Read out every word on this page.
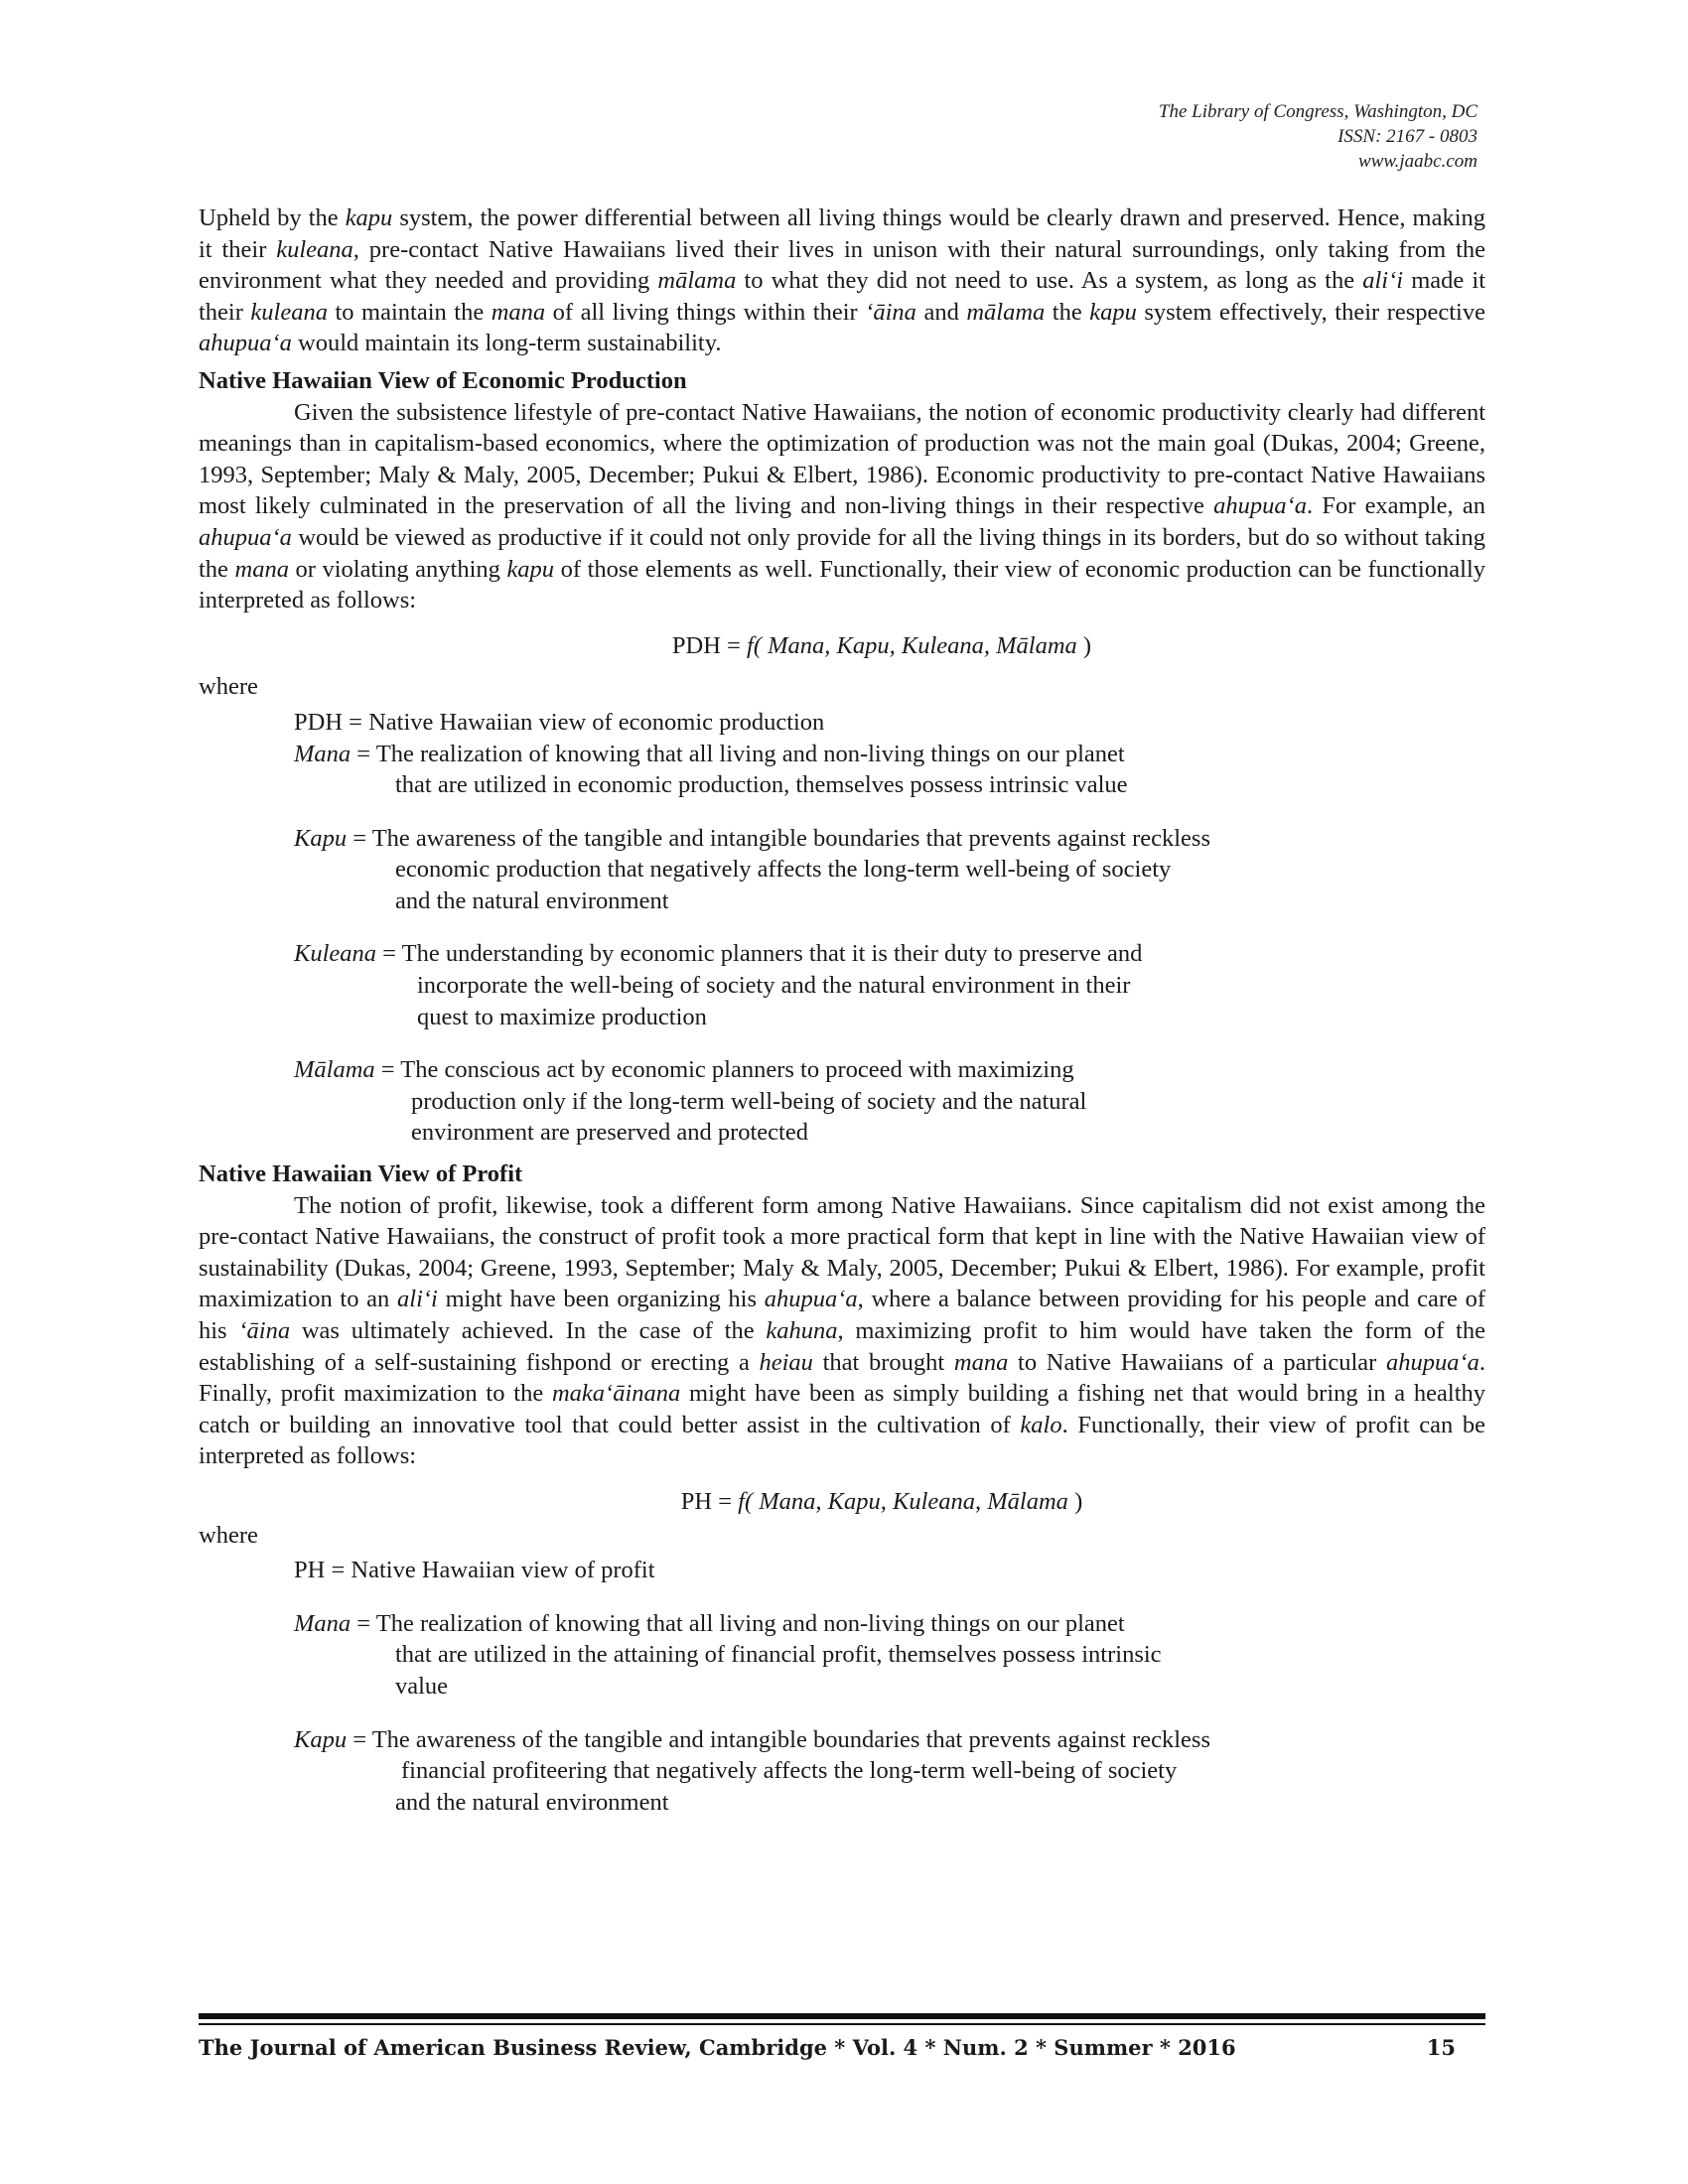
The Library of Congress, Washington, DC
ISSN: 2167 - 0803
www.jaabc.com

Upheld by the kapu system, the power differential between all living things would be clearly drawn and preserved. Hence, making it their kuleana, pre-contact Native Hawaiians lived their lives in unison with their natural surroundings, only taking from the environment what they needed and providing mālama to what they did not need to use. As a system, as long as the aliʻi made it their kuleana to maintain the mana of all living things within their ʻāina and mālama the kapu system effectively, their respective ahupuaʻa would maintain its long-term sustainability.

Native Hawaiian View of Economic Production

Given the subsistence lifestyle of pre-contact Native Hawaiians, the notion of economic productivity clearly had different meanings than in capitalism-based economics, where the optimization of production was not the main goal (Dukas, 2004; Greene, 1993, September; Maly & Maly, 2005, December; Pukui & Elbert, 1986). Economic productivity to pre-contact Native Hawaiians most likely culminated in the preservation of all the living and non-living things in their respective ahupuaʻa. For example, an ahupuaʻa would be viewed as productive if it could not only provide for all the living things in its borders, but do so without taking the mana or violating anything kapu of those elements as well. Functionally, their view of economic production can be functionally interpreted as follows:

PDH = f( Mana, Kapu, Kuleana, Mālama )

where

PDH = Native Hawaiian view of economic production
Mana = The realization of knowing that all living and non-living things on our planet
that are utilized in economic production, themselves possess intrinsic value
Kapu = The awareness of the tangible and intangible boundaries that prevents against reckless
economic production that negatively affects the long-term well-being of society
and the natural environment
Kuleana = The understanding by economic planners that it is their duty to preserve and
incorporate the well-being of society and the natural environment in their
quest to maximize production
Mālama = The conscious act by economic planners to proceed with maximizing
production only if the long-term well-being of society and the natural
environment are preserved and protected

Native Hawaiian View of Profit

The notion of profit, likewise, took a different form among Native Hawaiians. Since capitalism did not exist among the pre-contact Native Hawaiians, the construct of profit took a more practical form that kept in line with the Native Hawaiian view of sustainability (Dukas, 2004; Greene, 1993, September; Maly & Maly, 2005, December; Pukui & Elbert, 1986). For example, profit maximization to an aliʻi might have been organizing his ahupuaʻa, where a balance between providing for his people and care of his ʻāina was ultimately achieved. In the case of the kahuna, maximizing profit to him would have taken the form of the establishing of a self-sustaining fishpond or erecting a heiau that brought mana to Native Hawaiians of a particular ahupuaʻa. Finally, profit maximization to the makaʻāinana might have been as simply building a fishing net that would bring in a healthy catch or building an innovative tool that could better assist in the cultivation of kalo. Functionally, their view of profit can be interpreted as follows:

PH = f( Mana, Kapu, Kuleana, Mālama )

where

PH = Native Hawaiian view of profit
Mana = The realization of knowing that all living and non-living things on our planet
that are utilized in the attaining of financial profit, themselves possess intrinsic
value
Kapu = The awareness of the tangible and intangible boundaries that prevents against reckless
financial profiteering that negatively affects the long-term well-being of society
and the natural environment
The Journal of American Business Review, Cambridge * Vol. 4 * Num. 2 * Summer * 2016	15
